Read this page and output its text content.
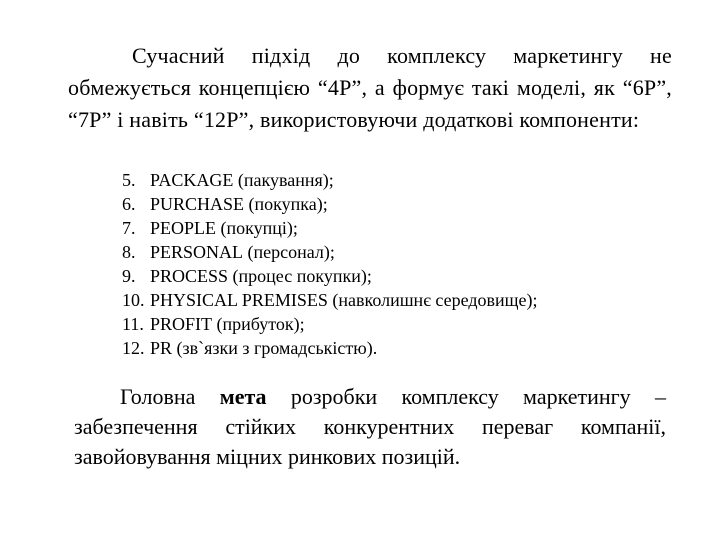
Сучасний підхід до комплексу маркетингу не обмежується концепцією “4P”, а формує такі моделі, як “6P”, “7P” і навіть “12P”, використовуючи додаткові компоненти:

5. PACKAGE
(пакування);
6. PURCHASE
(покупка);
7. PEOPLE
(покупці);
8. PERSONAL
(персонал);
9. PROCESS
(процес покупки);
10. PHYSICAL PREMISES
(навколишнє середовище);
11. PROFIT
(прибуток);
12. PR
(зв`язки з громадськістю).

Головна мета розробки комплексу маркетингу – забезпечення стійких конкурентних переваг компанії, завойовування міцних ринкових позицій.
